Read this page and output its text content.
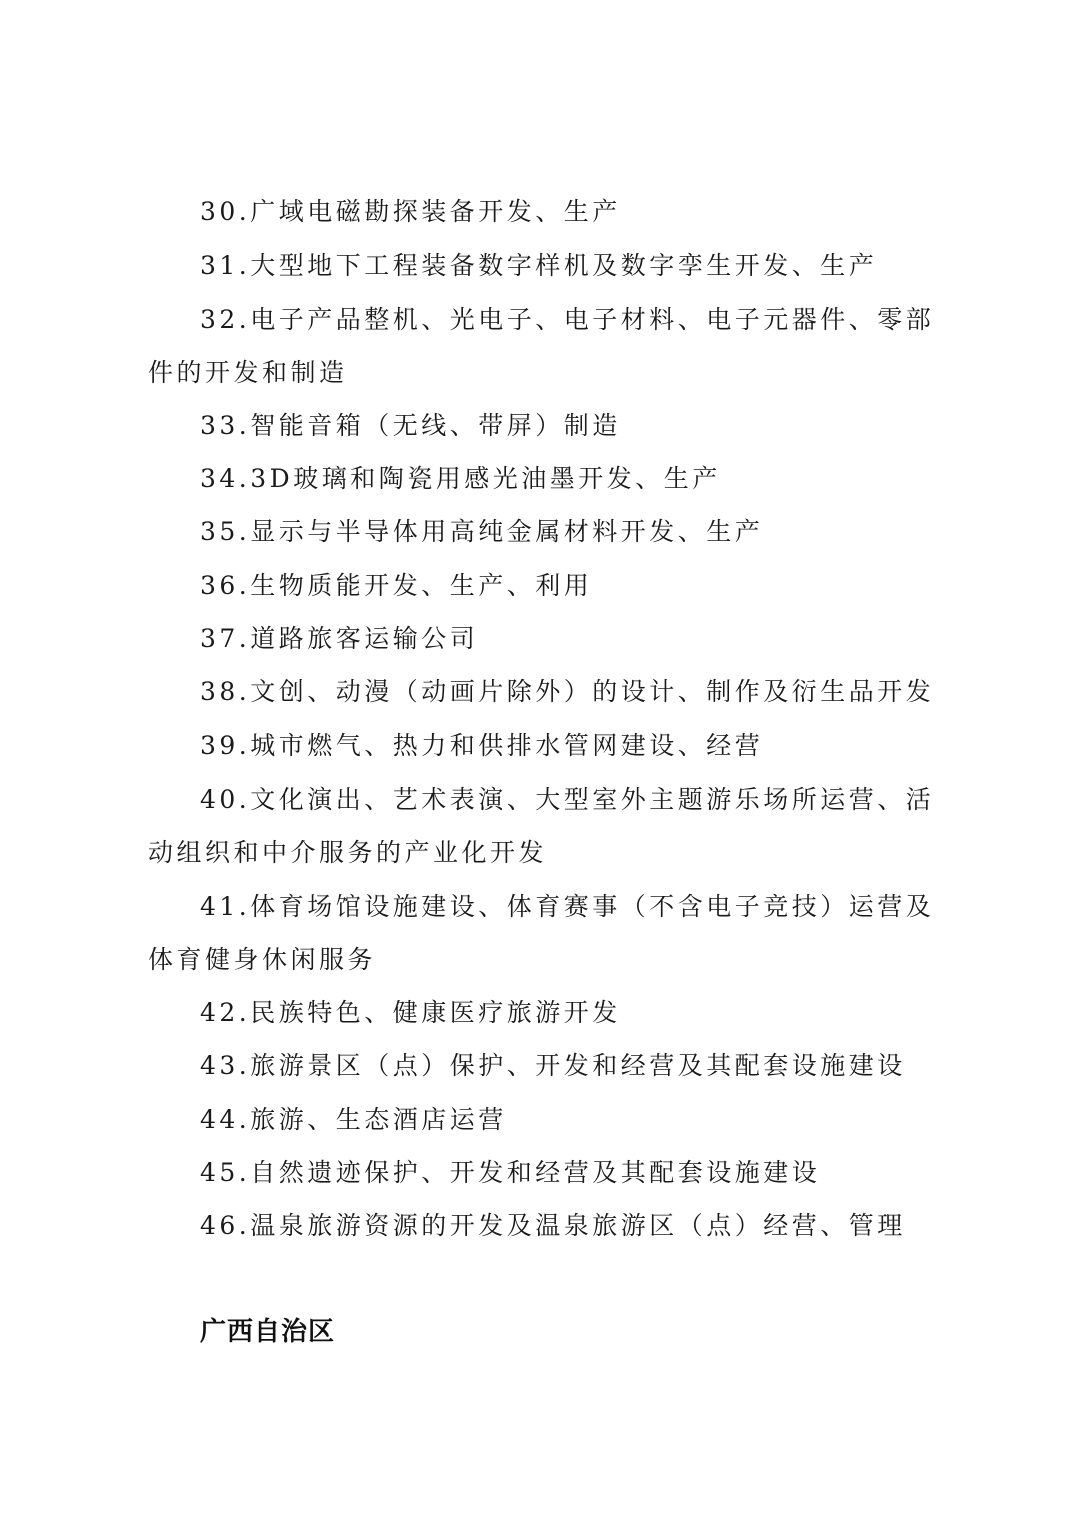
30.广域电磁勘探装备开发、生产

31.大型地下工程装备数字样机及数字孪生开发、生产

32.电子产品整机、光电子、电子材料、电子元器件、零部件的开发和制造

33.智能音箱（无线、带屏）制造

34.3D玻璃和陶瓷用感光油墨开发、生产

35.显示与半导体用高纯金属材料开发、生产

36.生物质能开发、生产、利用

37.道路旅客运输公司

38.文创、动漫（动画片除外）的设计、制作及衍生品开发

39.城市燃气、热力和供排水管网建设、经营

40.文化演出、艺术表演、大型室外主题游乐场所运营、活动组织和中介服务的产业化开发

41.体育场馆设施建设、体育赛事（不含电子竞技）运营及体育健身休闲服务

42.民族特色、健康医疗旅游开发

43.旅游景区（点）保护、开发和经营及其配套设施建设

44.旅游、生态酒店运营

45.自然遗迹保护、开发和经营及其配套设施建设

46.温泉旅游资源的开发及温泉旅游区（点）经营、管理

广西自治区
